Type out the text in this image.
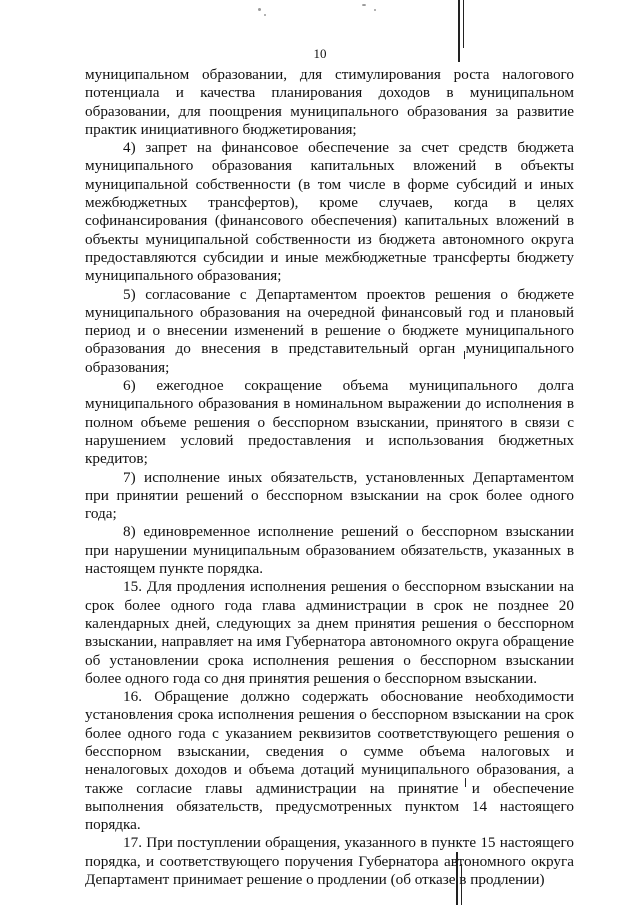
10

муниципальном образовании, для стимулирования роста налогового потенциала и качества планирования доходов в муниципальном образовании, для поощрения муниципального образования за развитие практик инициативного бюджетирования;

4) запрет на финансовое обеспечение за счет средств бюджета муниципального образования капитальных вложений в объекты муниципальной собственности (в том числе в форме субсидий и иных межбюджетных трансфертов), кроме случаев, когда в целях софинансирования (финансового обеспечения) капитальных вложений в объекты муниципальной собственности из бюджета автономного округа предоставляются субсидии и иные межбюджетные трансферты бюджету муниципального образования;

5) согласование с Департаментом проектов решения о бюджете муниципального образования на очередной финансовый год и плановый период и о внесении изменений в решение о бюджете муниципального образования до внесения в представительный орган муниципального образования;

6) ежегодное сокращение объема муниципального долга муниципального образования в номинальном выражении до исполнения в полном объеме решения о бесспорном взыскании, принятого в связи с нарушением условий предоставления и использования бюджетных кредитов;

7) исполнение иных обязательств, установленных Департаментом при принятии решений о бесспорном взыскании на срок более одного года;

8) единовременное исполнение решений о бесспорном взыскании при нарушении муниципальным образованием обязательств, указанных в настоящем пункте порядка.

15. Для продления исполнения решения о бесспорном взыскании на срок более одного года глава администрации в срок не позднее 20 календарных дней, следующих за днем принятия решения о бесспорном взыскании, направляет на имя Губернатора автономного округа обращение об установлении срока исполнения решения о бесспорном взыскании более одного года со дня принятия решения о бесспорном взыскании.

16. Обращение должно содержать обоснование необходимости установления срока исполнения решения о бесспорном взыскании на срок более одного года с указанием реквизитов соответствующего решения о бесспорном взыскании, сведения о сумме объема налоговых и неналоговых доходов и объема дотаций муниципального образования, а также согласие главы администрации на принятие и обеспечение выполнения обязательств, предусмотренных пунктом 14 настоящего порядка.

17. При поступлении обращения, указанного в пункте 15 настоящего порядка, и соответствующего поручения Губернатора автономного округа Департамент принимает решение о продлении (об отказе в продлении)
